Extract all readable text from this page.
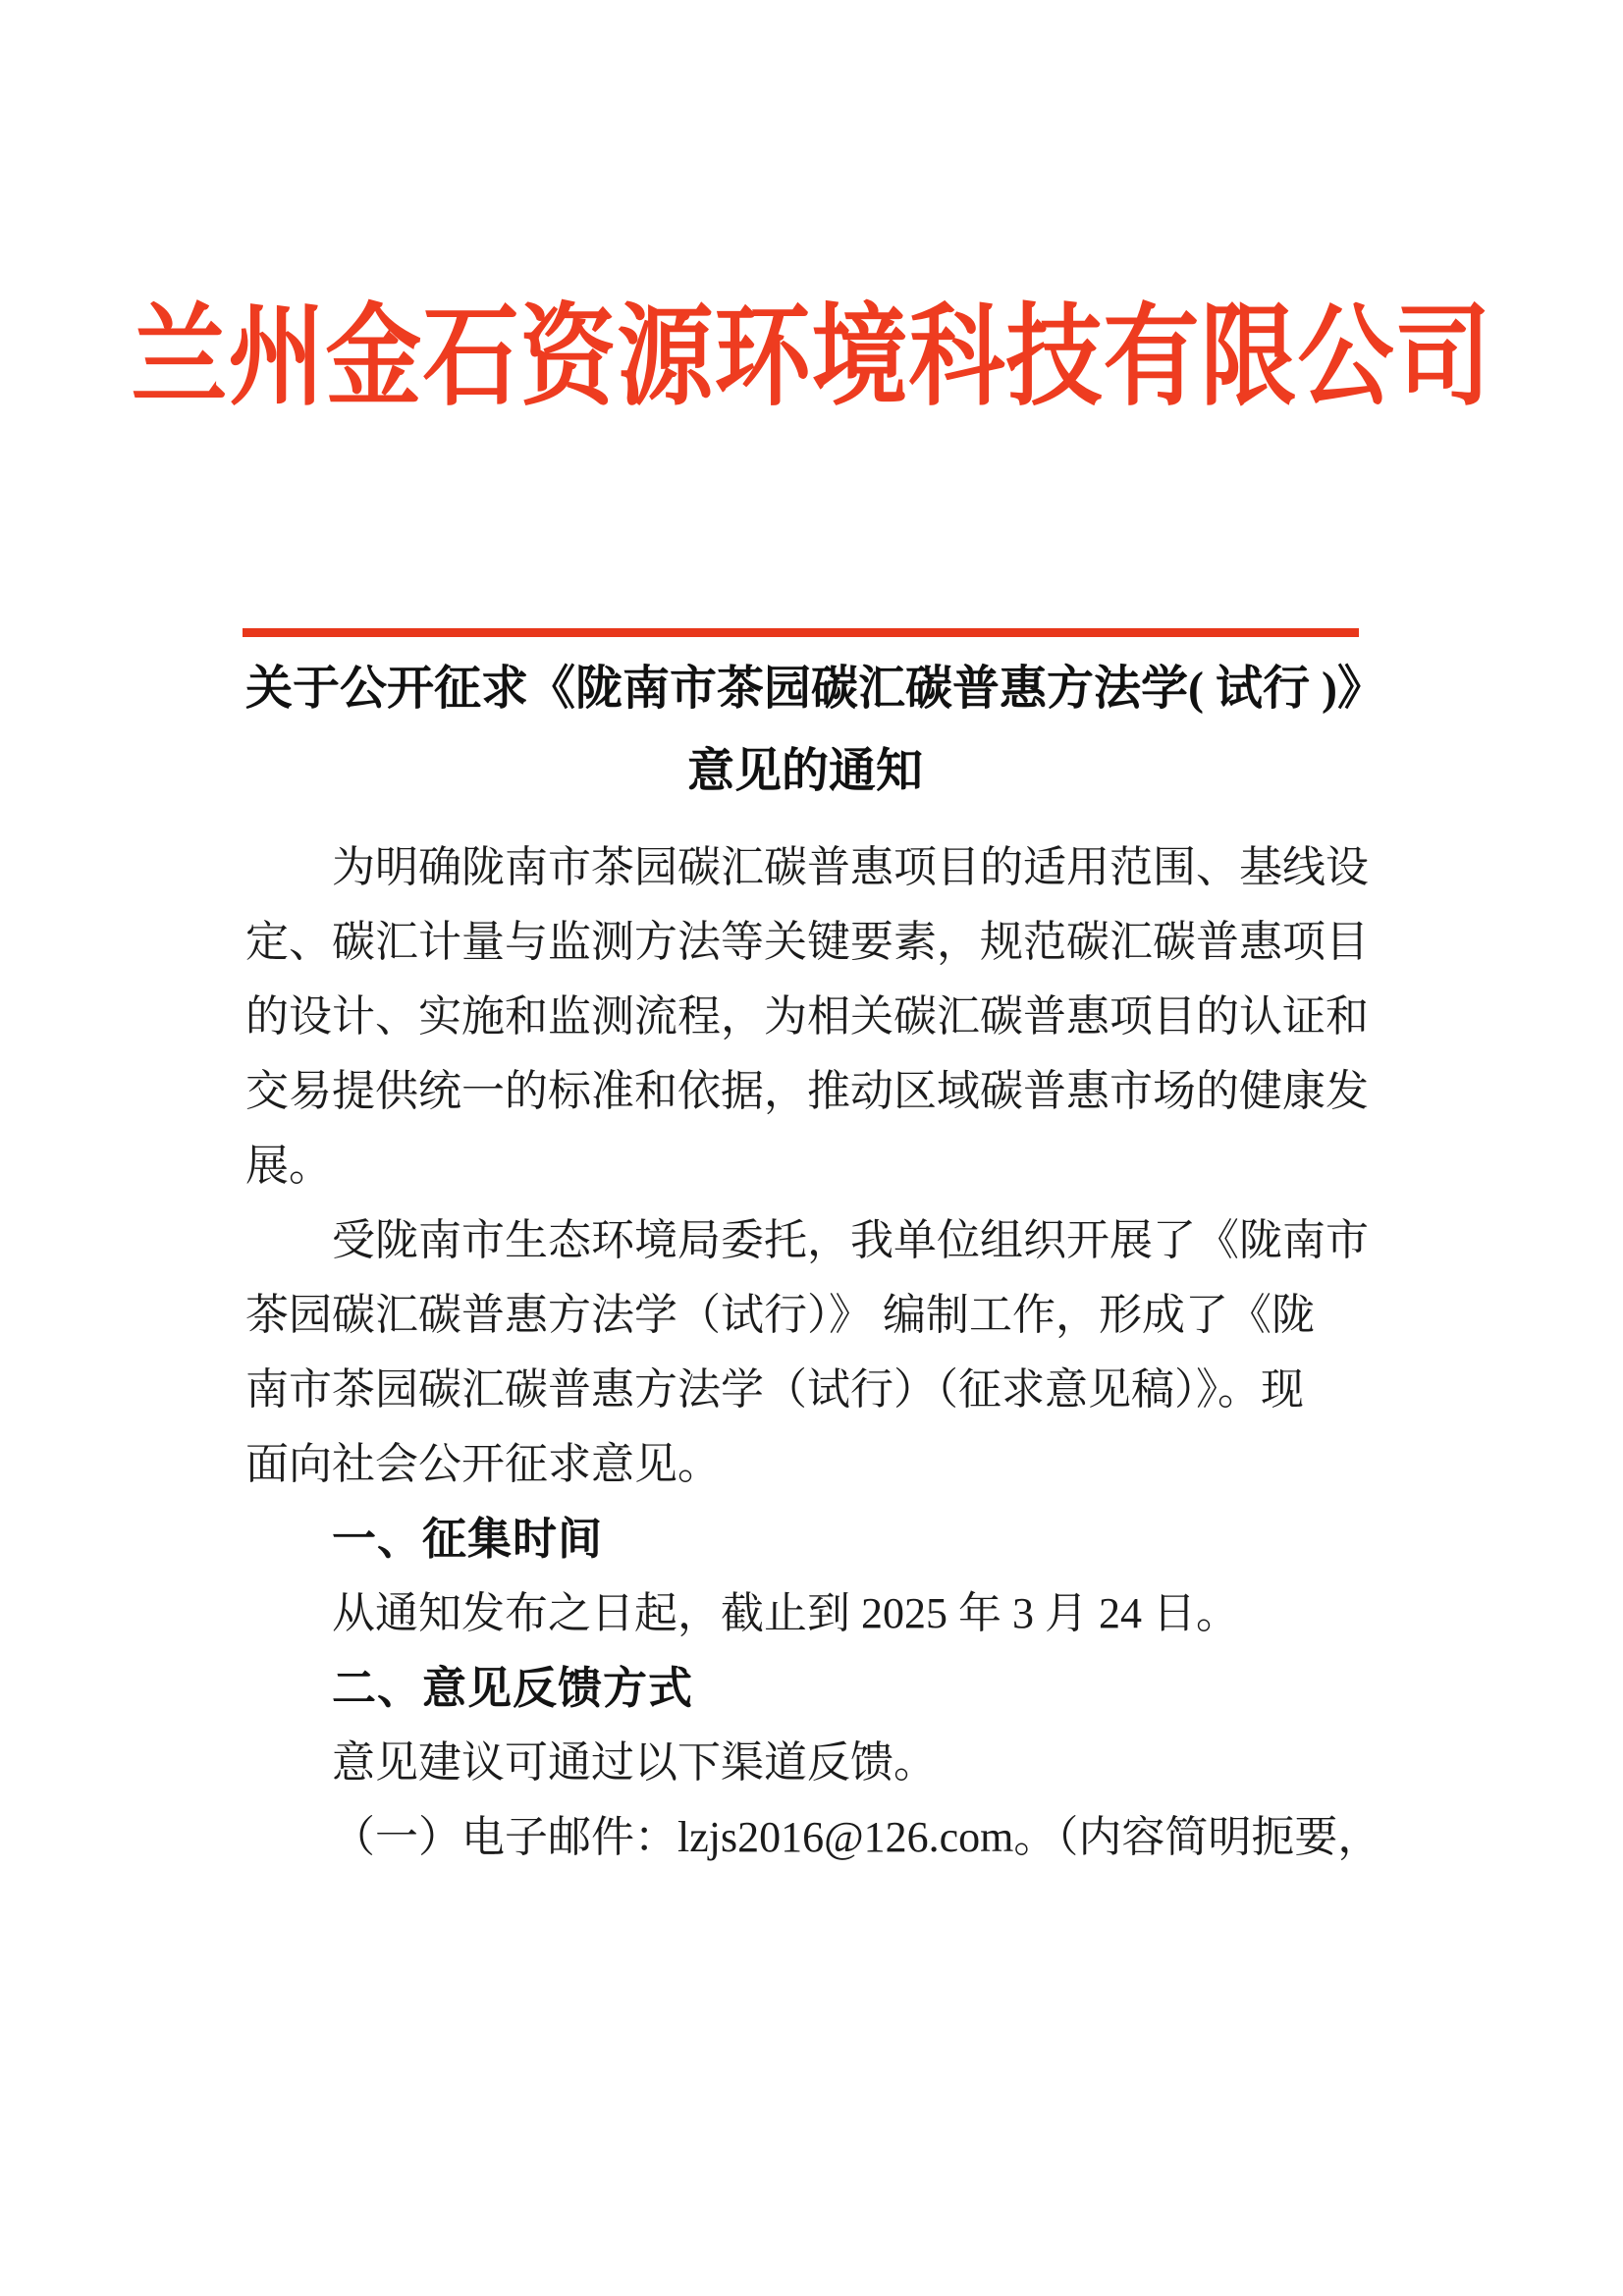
兰州金石资源环境科技有限公司
关于公开征求《陇南市茶园碳汇碳普惠方法学( 试行 )》
意见的通知
为明确陇南市茶园碳汇碳普惠项目的适用范围、基线设
定、碳汇计量与监测方法等关键要素，规范碳汇碳普惠项目
的设计、实施和监测流程，为相关碳汇碳普惠项目的认证和
交易提供统一的标准和依据，推动区域碳普惠市场的健康发
展。
受陇南市生态环境局委托，我单位组织开展了《陇南市
茶园碳汇碳普惠方法学（试行）》 编制工作，形成了《陇
南市茶园碳汇碳普惠方法学（试行）（征求意见稿）》。现
面向社会公开征求意见。
一、征集时间
从通知发布之日起，截止到 2025 年 3 月 24 日。
二、意见反馈方式
意见建议可通过以下渠道反馈。
（一）电子邮件：lzjs2016@126.com。（内容简明扼要，
